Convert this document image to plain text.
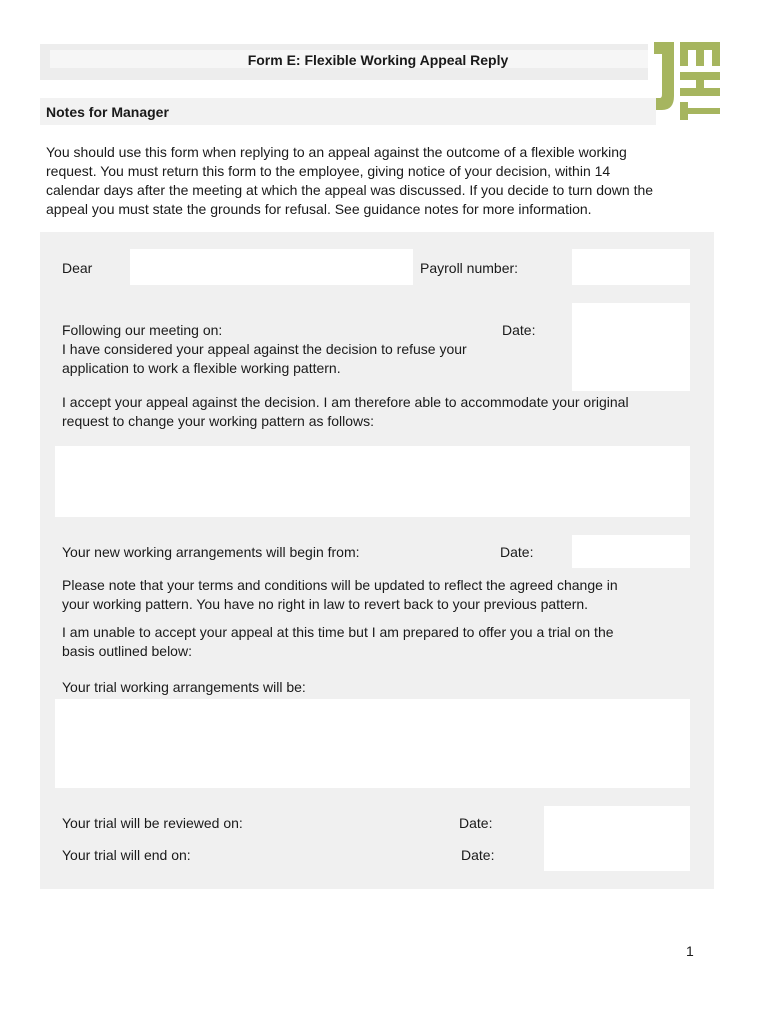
Form E: Flexible Working Appeal Reply
Notes for Manager
You should use this form when replying to an appeal against the outcome of a flexible working
request. You must return this form to the employee, giving notice of your decision, within 14
calendar days after the meeting at which the appeal was discussed. If you decide to turn down the
appeal you must state the grounds for refusal. See guidance notes for more information.
Dear	Payroll number:
Following our meeting on:	Date:
I have considered your appeal against the decision to refuse your
application to work a flexible working pattern.
I accept your appeal against the decision. I am therefore able to accommodate your original
request to change your working pattern as follows:
Your new working arrangements will begin from:	Date:
Please note that your terms and conditions will be updated to reflect the agreed change in
your working pattern. You have no right in law to revert back to your previous pattern.
I am unable to accept your appeal at this time but I am prepared to offer you a trial on the
basis outlined below:
Your trial working arrangements will be:
Your trial will be reviewed on:	Date:
Your trial will end on:	Date:
1
